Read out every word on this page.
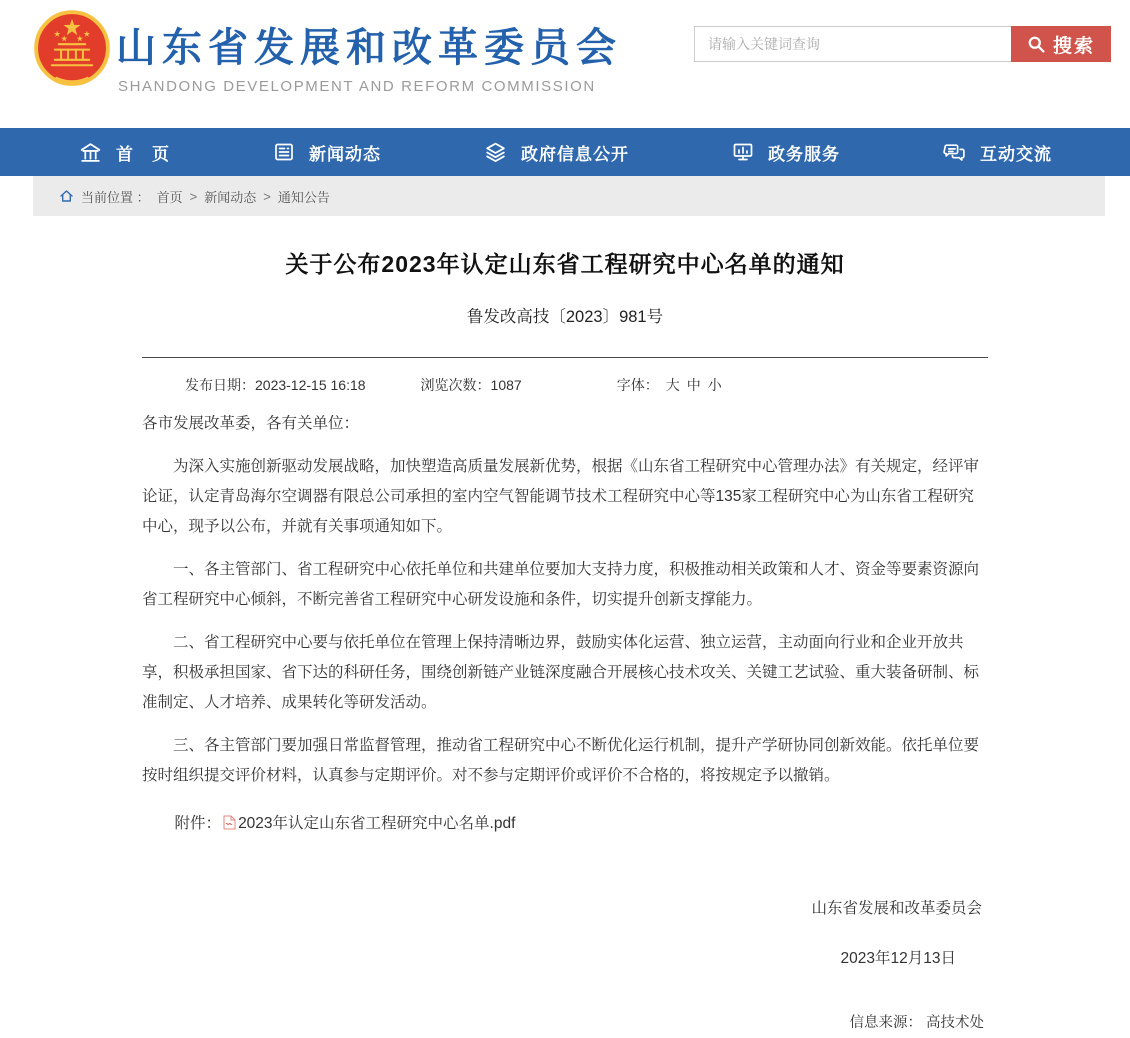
山东省发展和改革委员会
SHANDONG DEVELOPMENT AND REFORM COMMISSION
请输入关键词查询
搜索
首　页	新闻动态	政府信息公开	政务服务	互动交流
当前位置 ： 首页 > 新闻动态 > 通知公告
关于公布2023年认定山东省工程研究中心名单的通知
鲁发改高技〔2023〕981号
发布日期：2023-12-15 16:18	浏览次数：1087	字体： 大 中 小

各市发展改革委，各有关单位：

为深入实施创新驱动发展战略，加快塑造高质量发展新优势，根据《山东省工程研究中心管理办法》有关规定，经评审论证，认定青岛海尔空调器有限总公司承担的室内空气智能调节技术工程研究中心等135家工程研究中心为山东省工程研究中心，现予以公布，并就有关事项通知如下。

一、各主管部门、省工程研究中心依托单位和共建单位要加大支持力度，积极推动相关政策和人才、资金等要素资源向省工程研究中心倾斜，不断完善省工程研究中心研发设施和条件，切实提升创新支撑能力。

二、省工程研究中心要与依托单位在管理上保持清晰边界，鼓励实体化运营、独立运营，主动面向行业和企业开放共享，积极承担国家、省下达的科研任务，围绕创新链产业链深度融合开展核心技术攻关、关键工艺试验、重大装备研制、标准制定、人才培养、成果转化等研发活动。

三、各主管部门要加强日常监督管理，推动省工程研究中心不断优化运行机制，提升产学研协同创新效能。依托单位要按时组织提交评价材料，认真参与定期评价。对不参与定期评价或评价不合格的，将按规定予以撤销。

附件： 2023年认定山东省工程研究中心名单.pdf

山东省发展和改革委员会
2023年12月13日
信息来源： 高技术处
